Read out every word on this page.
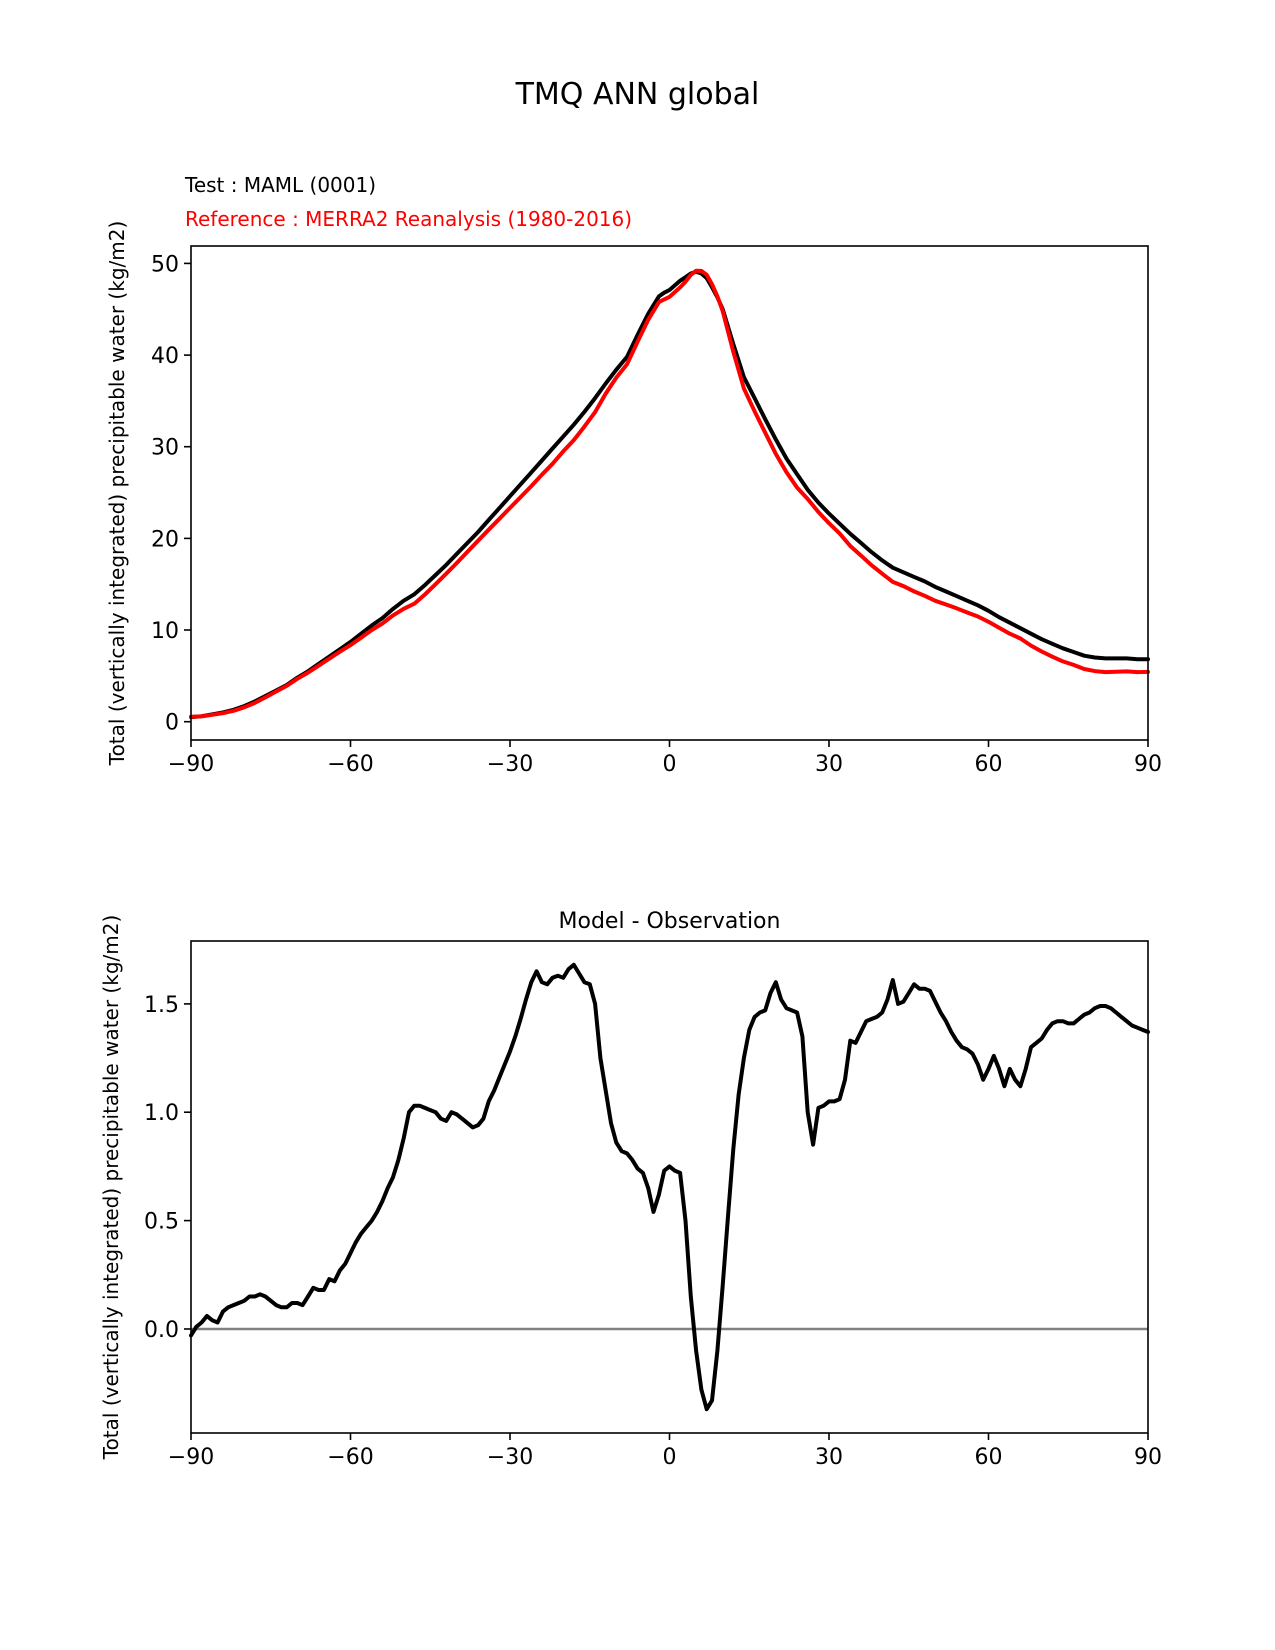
TMQ ANN global
Test : MAML (0001)
Reference : MERRA2 Reanalysis (1980-2016)
Total (vertically integrated) precipitable water (kg/m2)
Model - Observation
Total (vertically integrated) precipitable water (kg/m2)
−90	−60	−30	0	30	60	90
0
10
20
30
40
50
−90	−60	−30	0	30	60	90
0.0
0.5
1.0
1.5
